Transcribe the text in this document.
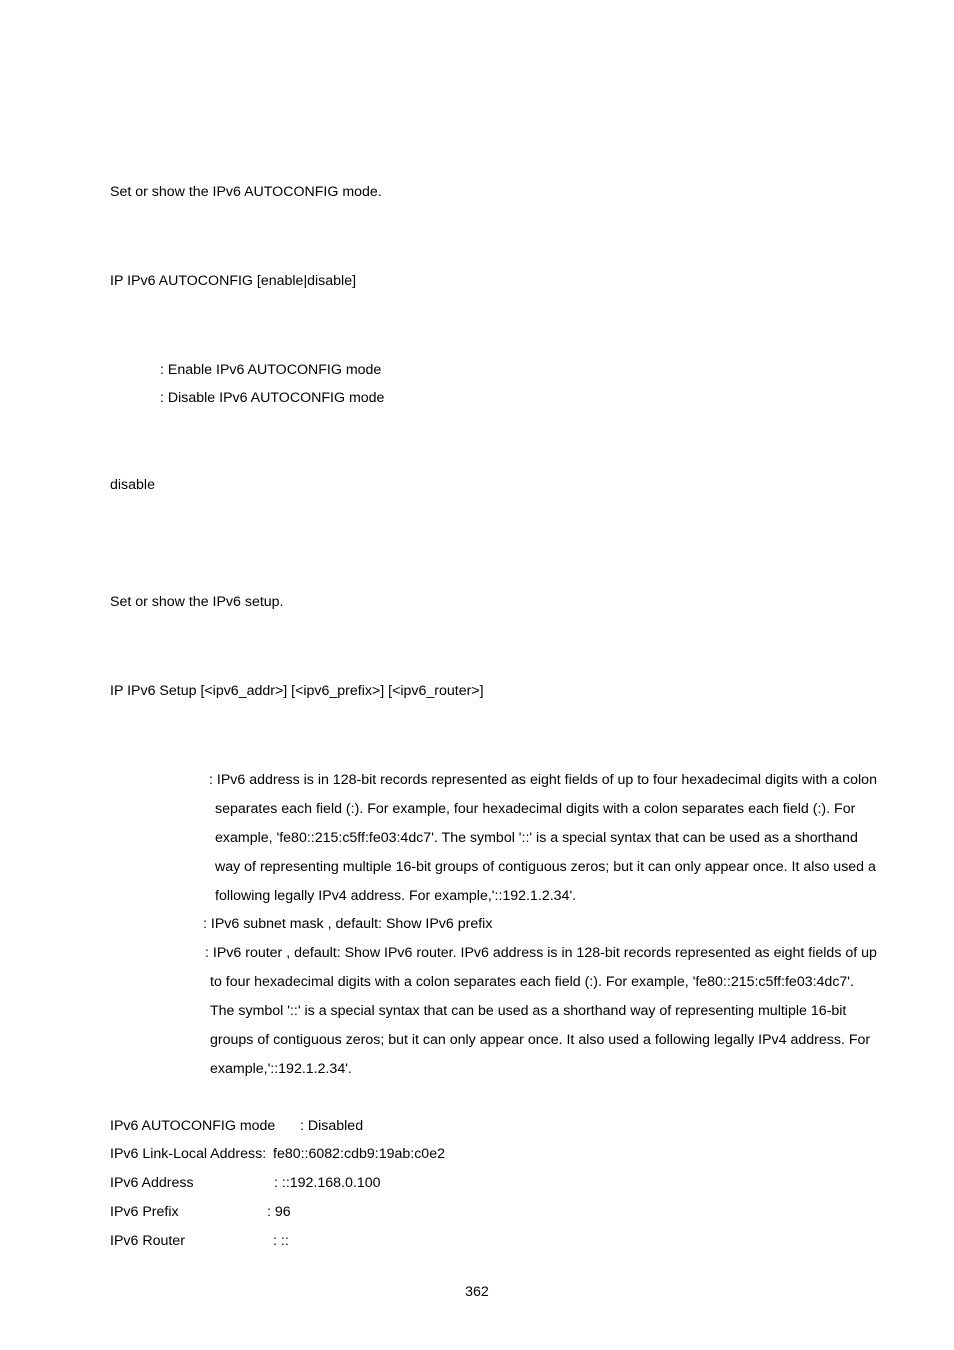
Set or show the IPv6 AUTOCONFIG mode.
IP IPv6 AUTOCONFIG [enable|disable]
: Enable IPv6 AUTOCONFIG mode
: Disable IPv6 AUTOCONFIG mode
disable
Set or show the IPv6 setup.
IP IPv6 Setup [<ipv6_addr>] [<ipv6_prefix>] [<ipv6_router>]
: IPv6 address is in 128-bit records represented as eight fields of up to four hexadecimal digits with a colon
separates each field (:). For example, four hexadecimal digits with a colon separates each field (:). For
example, 'fe80::215:c5ff:fe03:4dc7'. The symbol '::' is a special syntax that can be used as a shorthand
way of representing multiple 16-bit groups of contiguous zeros; but it can only appear once. It also used a
following legally IPv4 address. For example,'::192.1.2.34'.
: IPv6 subnet mask , default: Show IPv6 prefix
: IPv6 router , default: Show IPv6 router. IPv6 address is in 128-bit records represented as eight fields of up
to four hexadecimal digits with a colon separates each field (:). For example, 'fe80::215:c5ff:fe03:4dc7'.
The symbol '::' is a special syntax that can be used as a shorthand way of representing multiple 16-bit
groups of contiguous zeros; but it can only appear once. It also used a following legally IPv4 address. For
example,'::192.1.2.34'.
IPv6 AUTOCONFIG mode : Disabled
IPv6 Link-Local Address: fe80::6082:cdb9:19ab:c0e2
IPv6 Address	: ::192.168.0.100
IPv6 Prefix	: 96
IPv6 Router	: ::
362
